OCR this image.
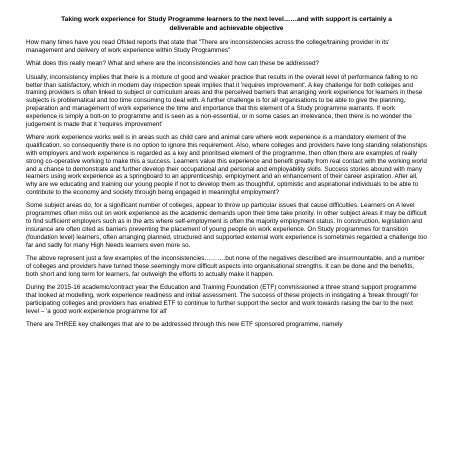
Taking work experience for Study Programme learners to the next level……and with support is certainly a deliverable and achievable objective

How many times have you read Ofsted reports that state that "There are inconsistencies across the college/training provider in its' management and delivery of work experience within Study Programmes"

What does this really mean? What and where are the inconsistencies and how can these be addressed?

Usually, inconsistency implies that there is a mixture of good and weaker practice that results in the overall level of performance falling to no better than satisfactory, which in modern day inspection speak implies that it 'requires improvement'. A key challenge for both colleges and training providers is often linked to subject or curriculum areas and the perceived barriers that arranging work experience for learners in these subjects is problematical and too time consuming to deal with. A further challenge is for all organisations to be able to give the planning, preparation and management of work experience the time and importance that this element of a Study programme warrants. If work experience is simply a bolt-on to programme and is seen as a non-essential, or in some cases an irrelevance, then there is no wonder the judgement is made that it 'requires improvement'

Where work experience works well is in areas such as child care and animal care where work experience is a mandatory element of the qualification, so consequently there is no option to ignore this requirement. Also, where colleges and providers have long standing relationships with employers and work experience is regarded as a key and prioritised element of the programme, then often there are examples of really strong co-operative working to make this a success. Learners value this experience and benefit greatly from real contact with the working world and a chance to demonstrate and further develop their occupational and personal and employability skills. Success stories abound with many learners using work experience as a springboard to an apprenticeship, employment and an enhancement of their career aspiration. After all, why are we educating and training our young people if not to develop them as thoughtful, optimistic and aspirational individuals to be able to contribute to the economy and society through being engaged in meaningful employment?

Some subject areas do, for a significant number of colleges, appear to throw up particular issues that cause difficulties. Learners on A level programmes often miss out on work experience as the academic demands upon their time take priority. In other subject areas it may be difficult to find sufficient employers such as in the arts where self-employment is often the majority employment status. In construction, legislation and insurance are often cited as barriers preventing the placement of young people on work experience. On Study programmes for transition (foundation level) learners, often arranging planned, structured and supported external work experience is sometimes regarded a challenge too far and sadly for many High Needs learners even more so.

The above represent just a few examples of the inconsistencies……….but none of the negatives described are insurmountable, and a number of colleges and providers have turned these seemingly more difficult aspects into organisational strengths. It can be done and the benefits, both short and long term for learners, far outweigh the efforts to actually make it happen.

During the 2015-16 academic/contract year the Education and Training Foundation (ETF) commissioned a three strand support programme that looked at modelling, work experience readiness and initial assessment. The success of these projects in instigating a 'break through' for participating colleges and providers has enabled ETF to continue to further support the sector and work towards raising the bar to the next level – 'a good work experience programme for all'

There are THREE key challenges that are to be addressed through this new ETF sponsored programme, namely
